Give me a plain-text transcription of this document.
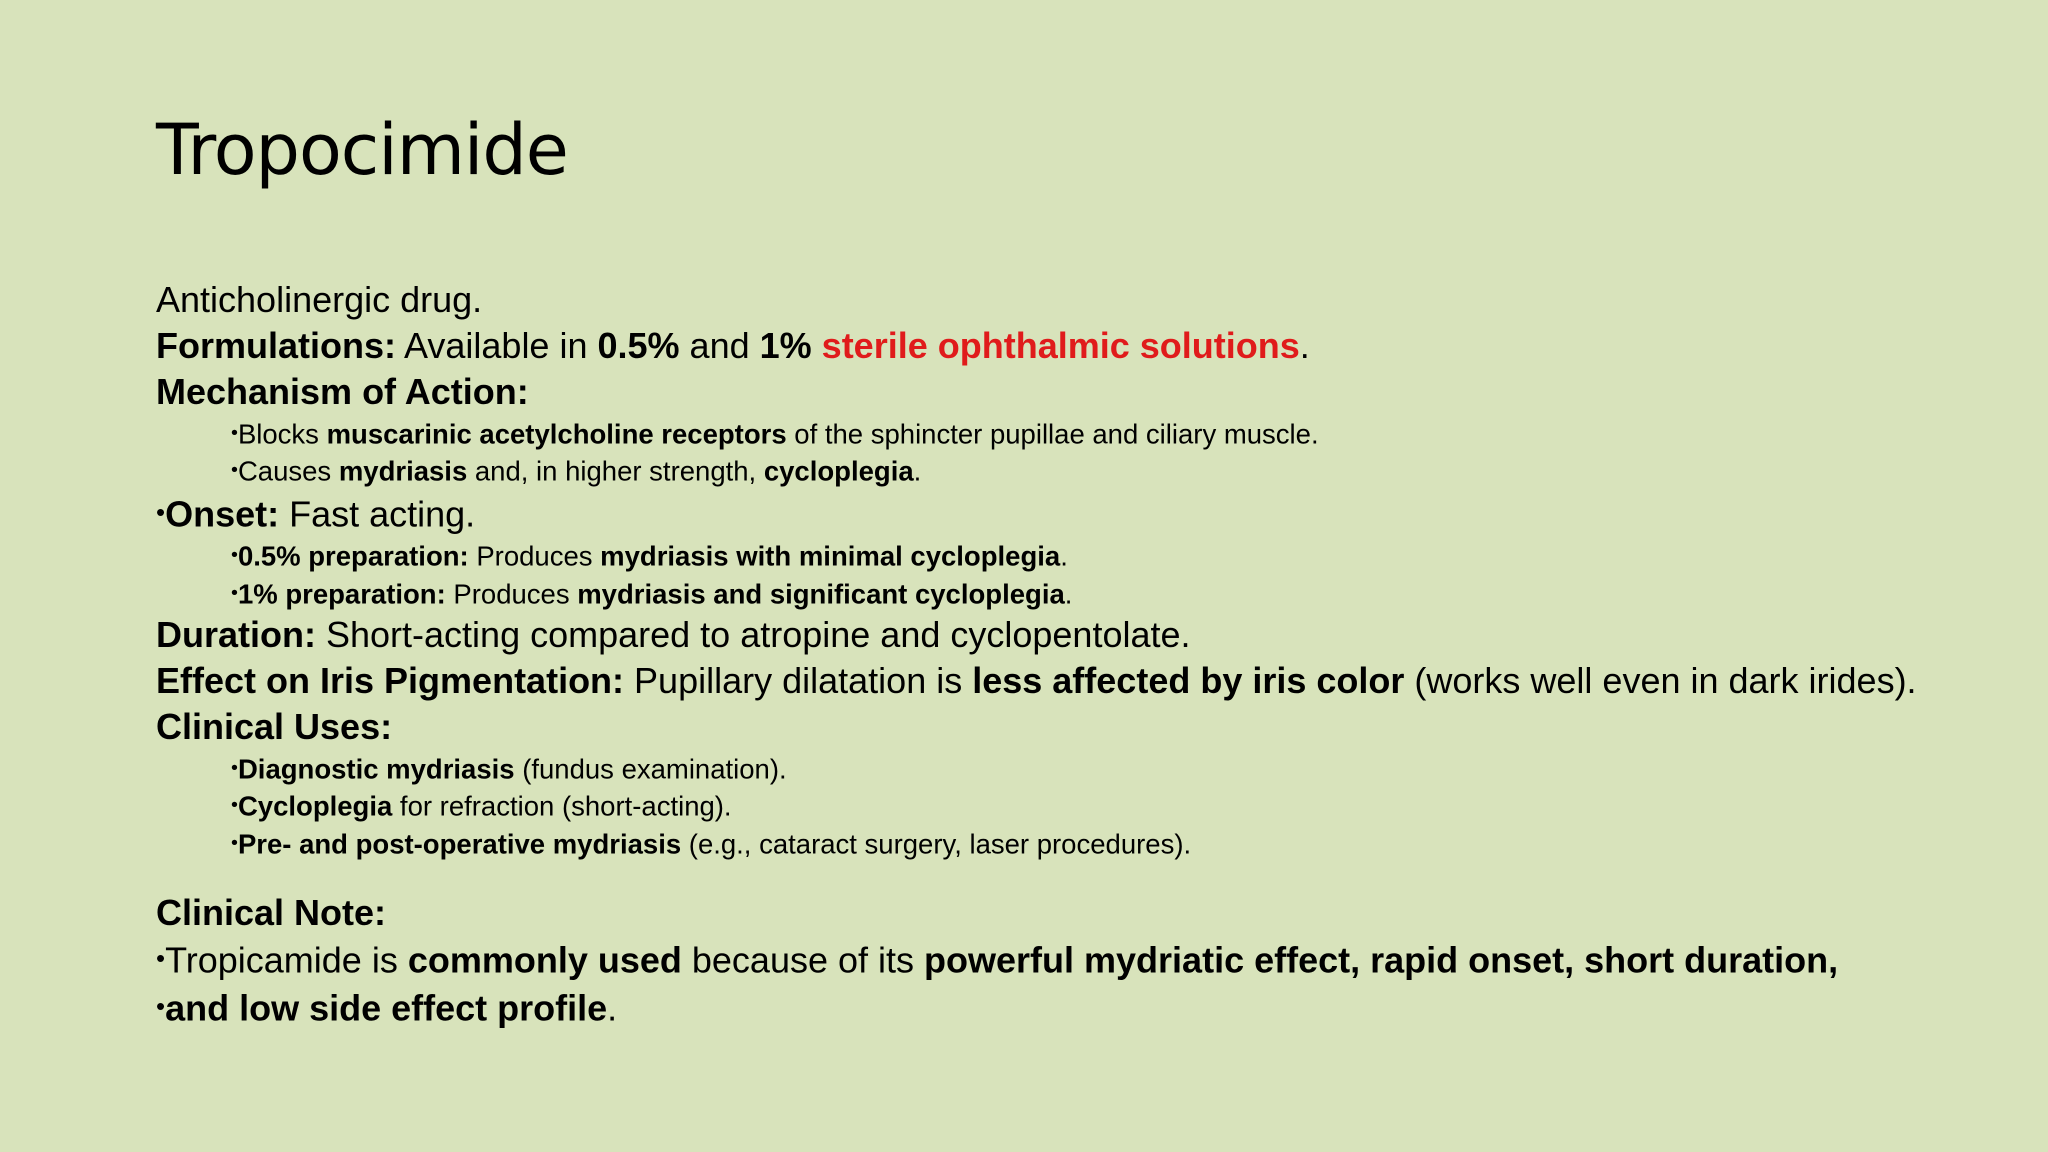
Tropocimide
Anticholinergic drug.
Formulations: Available in 0.5% and 1% sterile ophthalmic solutions.
Mechanism of Action:
•Blocks muscarinic acetylcholine receptors of the sphincter pupillae and ciliary muscle.
•Causes mydriasis and, in higher strength, cycloplegia.
•Onset: Fast acting.
•0.5% preparation: Produces mydriasis with minimal cycloplegia.
•1% preparation: Produces mydriasis and significant cycloplegia.
Duration: Short-acting compared to atropine and cyclopentolate.
Effect on Iris Pigmentation: Pupillary dilatation is less affected by iris color (works well even in dark irides).
Clinical Uses:
•Diagnostic mydriasis (fundus examination).
•Cycloplegia for refraction (short-acting).
•Pre- and post-operative mydriasis (e.g., cataract surgery, laser procedures).
Clinical Note:
•Tropicamide is commonly used because of its powerful mydriatic effect, rapid onset, short duration,
•and low side effect profile.
